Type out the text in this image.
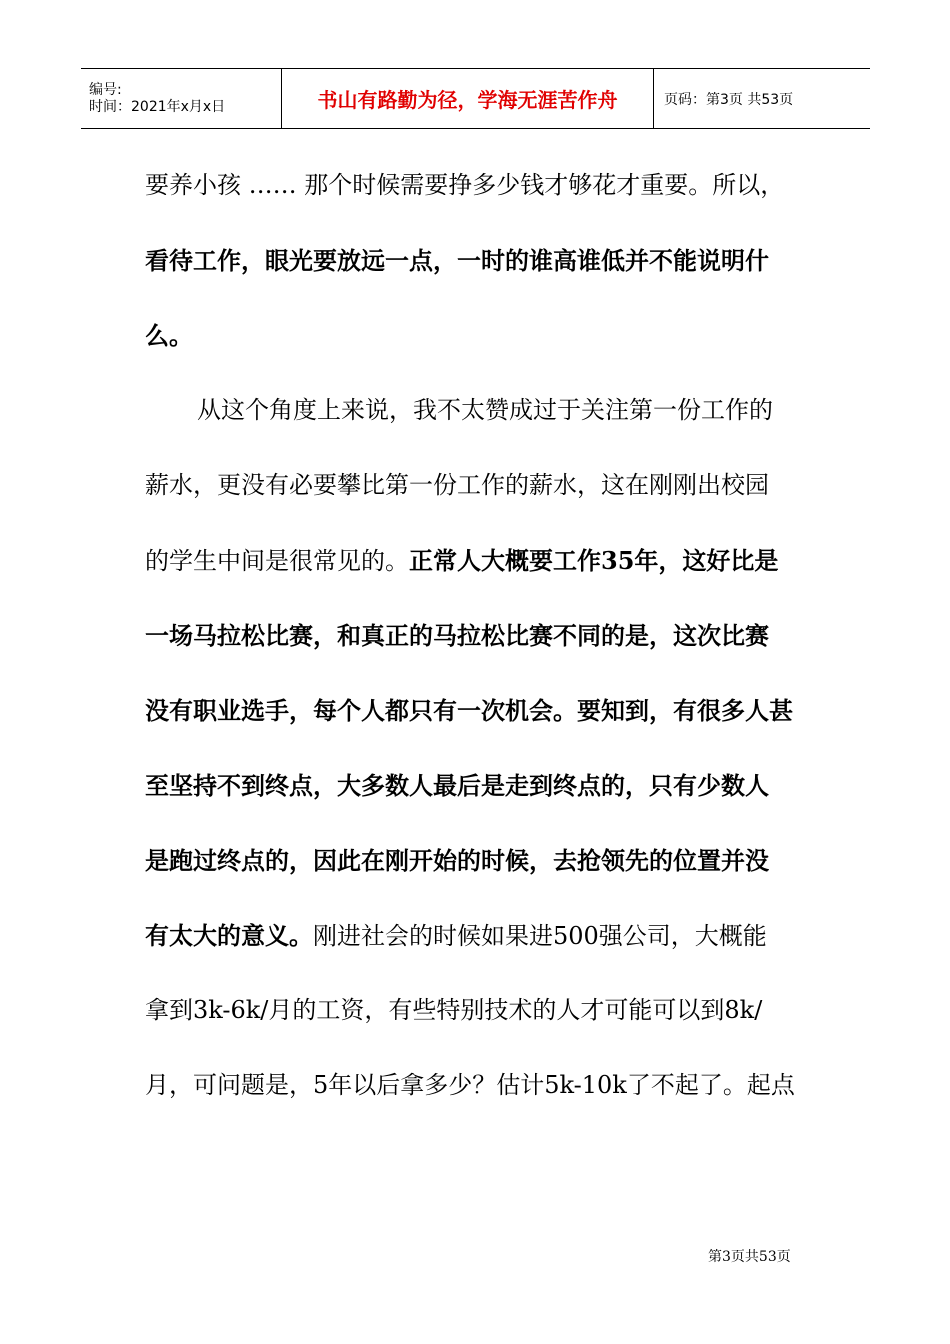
编号:
时间：2021年x月x日	书山有路勤为径，学海无涯苦作舟	页码：第3页 共53页
要养小孩 …… 那个时候需要挣多少钱才够花才重要。所以，
看待工作，眼光要放远一点，一时的谁高谁低并不能说明什
么。
从这个角度上来说，我不太赞成过于关注第一份工作的
薪水，更没有必要攀比第一份工作的薪水，这在刚刚出校园
的学生中间是很常见的。正常人大概要工作35年，这好比是
一场马拉松比赛，和真正的马拉松比赛不同的是，这次比赛
没有职业选手，每个人都只有一次机会。要知到，有很多人甚
至坚持不到终点，大多数人最后是走到终点的，只有少数人
是跑过终点的，因此在刚开始的时候，去抢领先的位置并没
有太大的意义。刚进社会的时候如果进500强公司，大概能
拿到3k-6k/月的工资，有些特别技术的人才可能可以到8k/
月，可问题是，5年以后拿多少？估计5k-10k了不起了。起点
第3页共53页
